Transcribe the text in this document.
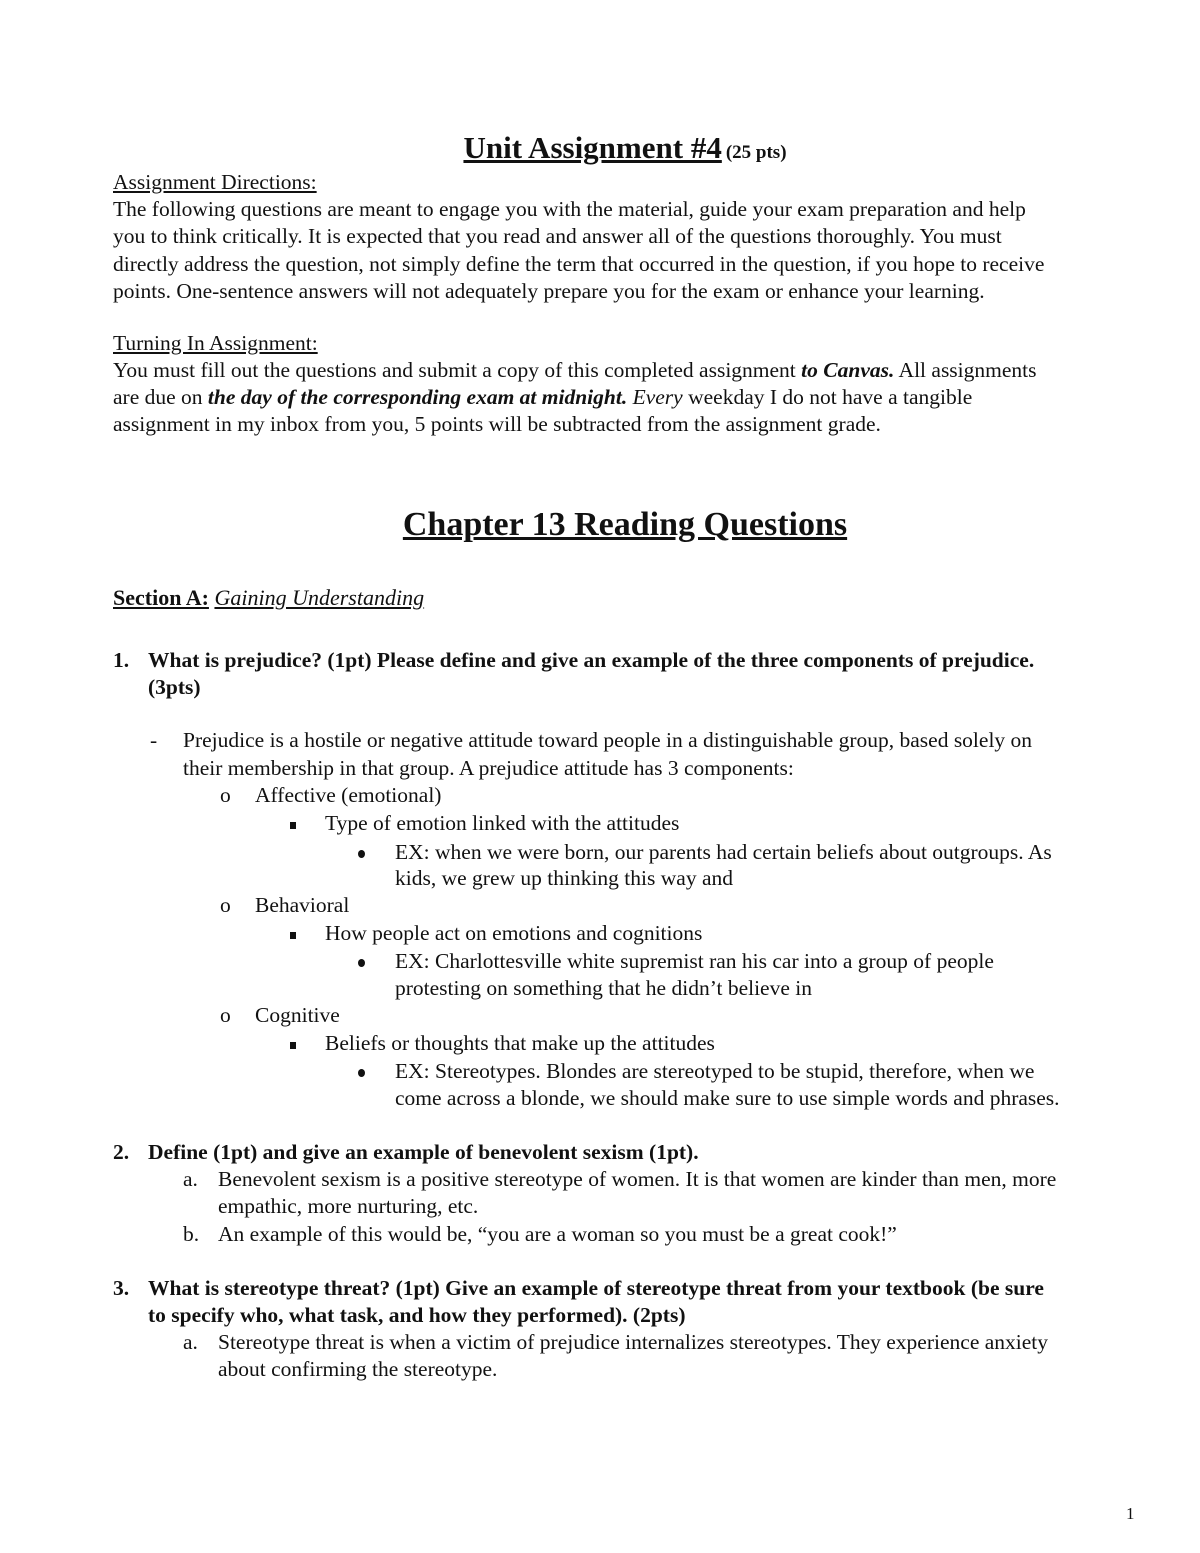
Unit Assignment #4 (25 pts)
Assignment Directions:
The following questions are meant to engage you with the material, guide your exam preparation and help
you to think critically. It is expected that you read and answer all of the questions thoroughly. You must
directly address the question, not simply define the term that occurred in the question, if you hope to receive
points. One-sentence answers will not adequately prepare you for the exam or enhance your learning.
Turning In Assignment:
You must fill out the questions and submit a copy of this completed assignment to Canvas. All assignments
are due on the day of the corresponding exam at midnight. Every weekday I do not have a tangible
assignment in my inbox from you, 5 points will be subtracted from the assignment grade.
Chapter 13 Reading Questions
Section A: Gaining Understanding
1. What is prejudice? (1pt) Please define and give an example of the three components of prejudice.
(3pts)
- Prejudice is a hostile or negative attitude toward people in a distinguishable group, based solely on
their membership in that group. A prejudice attitude has 3 components:
o Affective (emotional)
Type of emotion linked with the attitudes
EX: when we were born, our parents had certain beliefs about outgroups. As
kids, we grew up thinking this way and
o Behavioral
How people act on emotions and cognitions
EX: Charlottesville white supremist ran his car into a group of people
protesting on something that he didn’t believe in
o Cognitive
Beliefs or thoughts that make up the attitudes
EX: Stereotypes. Blondes are stereotyped to be stupid, therefore, when we
come across a blonde, we should make sure to use simple words and phrases.
2. Define (1pt) and give an example of benevolent sexism (1pt).
a. Benevolent sexism is a positive stereotype of women. It is that women are kinder than men, more
empathic, more nurturing, etc.
b. An example of this would be, “you are a woman so you must be a great cook!”
3. What is stereotype threat? (1pt) Give an example of stereotype threat from your textbook (be sure
to specify who, what task, and how they performed). (2pts)
a. Stereotype threat is when a victim of prejudice internalizes stereotypes. They experience anxiety
about confirming the stereotype.
1
